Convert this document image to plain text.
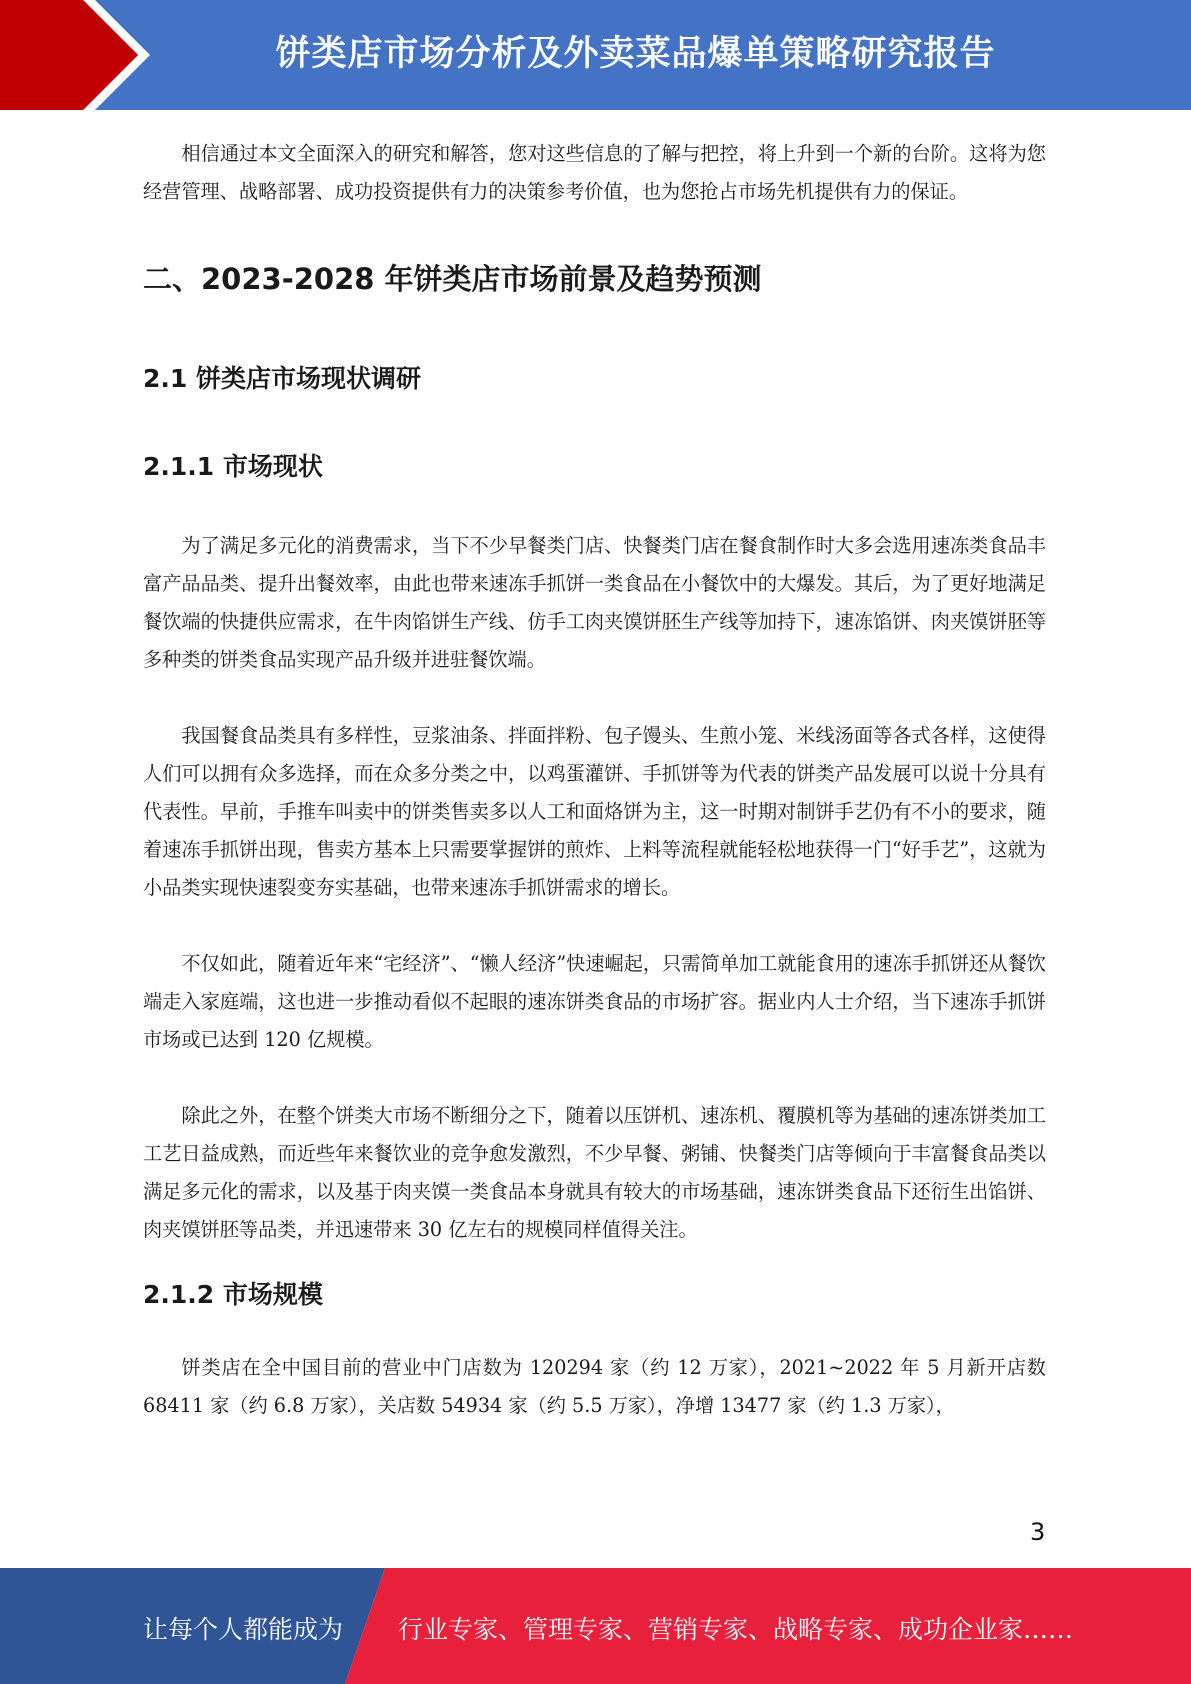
饼类店市场分析及外卖菜品爆单策略研究报告

相信通过本文全面深入的研究和解答，您对这些信息的了解与把控，将上升到一个新的台阶。这将为您经营管理、战略部署、成功投资提供有力的决策参考价值，也为您抢占市场先机提供有力的保证。

二、2023-2028 年饼类店市场前景及趋势预测
2.1 饼类店市场现状调研
2.1.1 市场现状

为了满足多元化的消费需求，当下不少早餐类门店、快餐类门店在餐食制作时大多会选用速冻类食品丰富产品品类、提升出餐效率，由此也带来速冻手抓饼一类食品在小餐饮中的大爆发。其后，为了更好地满足餐饮端的快捷供应需求，在牛肉馅饼生产线、仿手工肉夹馍饼胚生产线等加持下，速冻馅饼、肉夹馍饼胚等多种类的饼类食品实现产品升级并进驻餐饮端。

我国餐食品类具有多样性，豆浆油条、拌面拌粉、包子馒头、生煎小笼、米线汤面等各式各样，这使得人们可以拥有众多选择，而在众多分类之中，以鸡蛋灌饼、手抓饼等为代表的饼类产品发展可以说十分具有代表性。早前，手推车叫卖中的饼类售卖多以人工和面烙饼为主，这一时期对制饼手艺仍有不小的要求，随着速冻手抓饼出现，售卖方基本上只需要掌握饼的煎炸、上料等流程就能轻松地获得一门“好手艺”，这就为小品类实现快速裂变夯实基础，也带来速冻手抓饼需求的增长。

不仅如此，随着近年来“宅经济”、“懒人经济”快速崛起，只需简单加工就能食用的速冻手抓饼还从餐饮端走入家庭端，这也进一步推动看似不起眼的速冻饼类食品的市场扩容。据业内人士介绍，当下速冻手抓饼市场或已达到 120 亿规模。

除此之外，在整个饼类大市场不断细分之下，随着以压饼机、速冻机、覆膜机等为基础的速冻饼类加工工艺日益成熟，而近些年来餐饮业的竞争愈发激烈，不少早餐、粥铺、快餐类门店等倾向于丰富餐食品类以满足多元化的需求，以及基于肉夹馍一类食品本身就具有较大的市场基础，速冻饼类食品下还衍生出馅饼、肉夹馍饼胚等品类，并迅速带来 30 亿左右的规模同样值得关注。

2.1.2 市场规模

饼类店在全中国目前的营业中门店数为 120294 家（约 12 万家），2021~2022 年 5 月新开店数 68411 家（约 6.8 万家），关店数 54934 家（约 5.5 万家），净增 13477 家（约 1.3 万家），

3
让每个人都能成为 行业专家、管理专家、营销专家、战略专家、成功企业家……
